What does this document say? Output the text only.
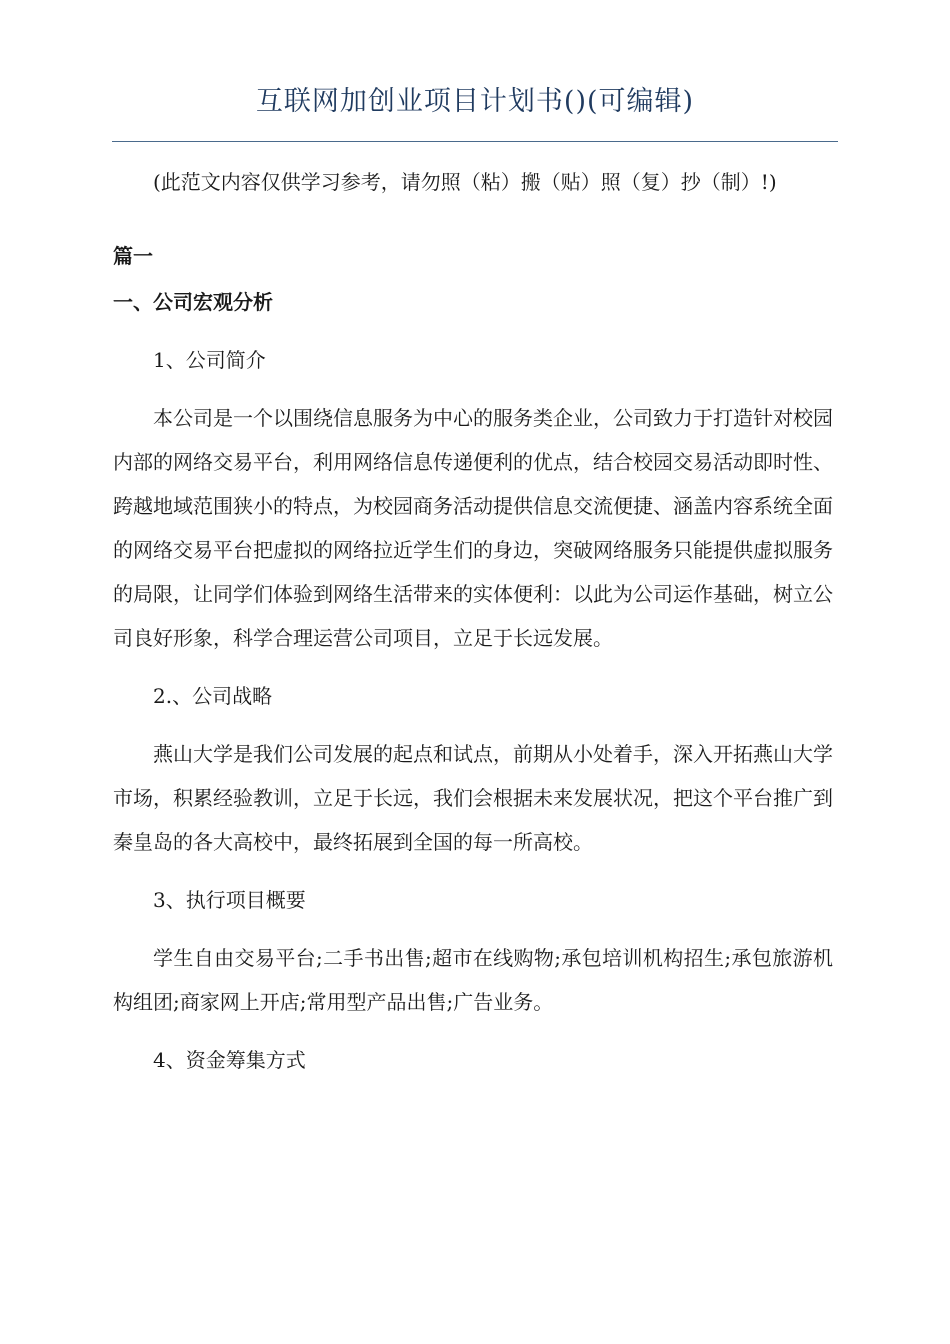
互联网加创业项目计划书()(可编辑)

(此范文内容仅供学习参考，请勿照（粘）搬（贴）照（复）抄（制）!)

篇一

一、公司宏观分析

1、公司简介

本公司是一个以围绕信息服务为中心的服务类企业，公司致力于打造针对校园内部的网络交易平台，利用网络信息传递便利的优点，结合校园交易活动即时性、跨越地域范围狭小的特点，为校园商务活动提供信息交流便捷、涵盖内容系统全面的网络交易平台把虚拟的网络拉近学生们的身边，突破网络服务只能提供虚拟服务的局限，让同学们体验到网络生活带来的实体便利：以此为公司运作基础，树立公司良好形象，科学合理运营公司项目，立足于长远发展。

2.、公司战略

燕山大学是我们公司发展的起点和试点，前期从小处着手，深入开拓燕山大学市场，积累经验教训，立足于长远，我们会根据未来发展状况，把这个平台推广到秦皇岛的各大高校中，最终拓展到全国的每一所高校。

3、执行项目概要

学生自由交易平台;二手书出售;超市在线购物;承包培训机构招生;承包旅游机构组团;商家网上开店;常用型产品出售;广告业务。

4、资金筹集方式
